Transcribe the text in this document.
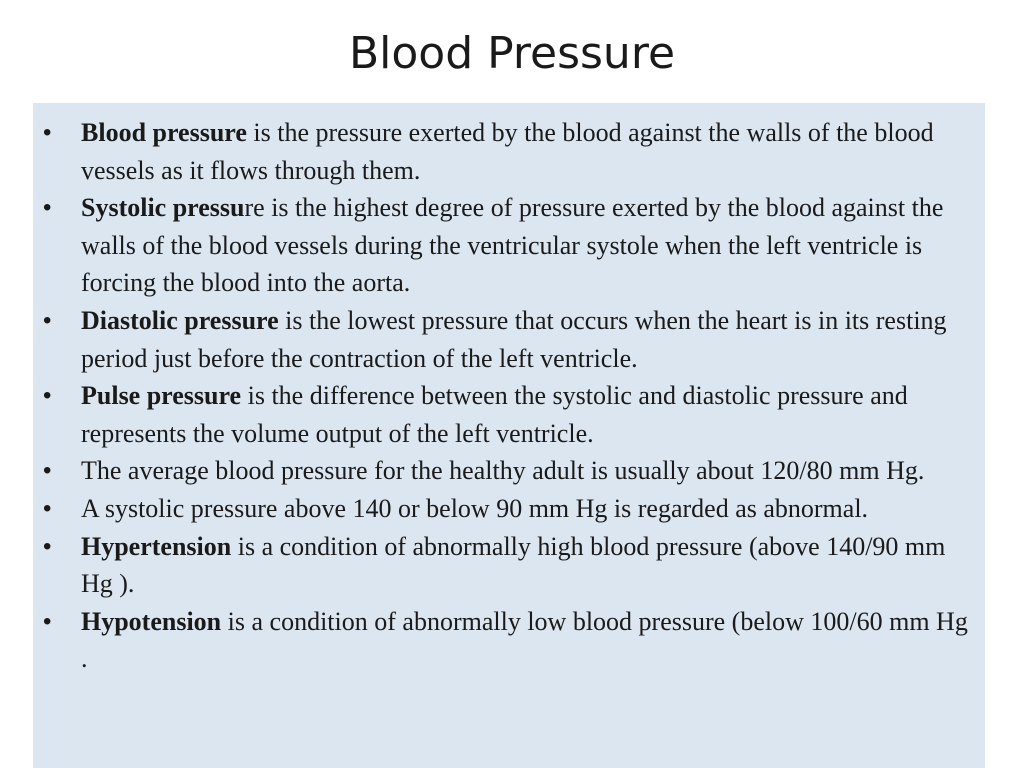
Blood Pressure
• Blood pressure is the pressure exerted by the blood against the walls of the blood vessels as it flows through them.
• Systolic pressure is the highest degree of pressure exerted by the blood against the walls of the blood vessels during the ventricular systole when the left ventricle is forcing the blood into the aorta.
• Diastolic pressure is the lowest pressure that occurs when the heart is in its resting period just before the contraction of the left ventricle.
• Pulse pressure is the difference between the systolic and diastolic pressure and represents the volume output of the left ventricle.
• The average blood pressure for the healthy adult is usually about 120/80 mm Hg.
• A systolic pressure above 140 or below 90 mm Hg is regarded as abnormal.
• Hypertension is a condition of abnormally high blood pressure (above 140/90 mm Hg ).
• Hypotension is a condition of abnormally low blood pressure (below 100/60 mm Hg .
